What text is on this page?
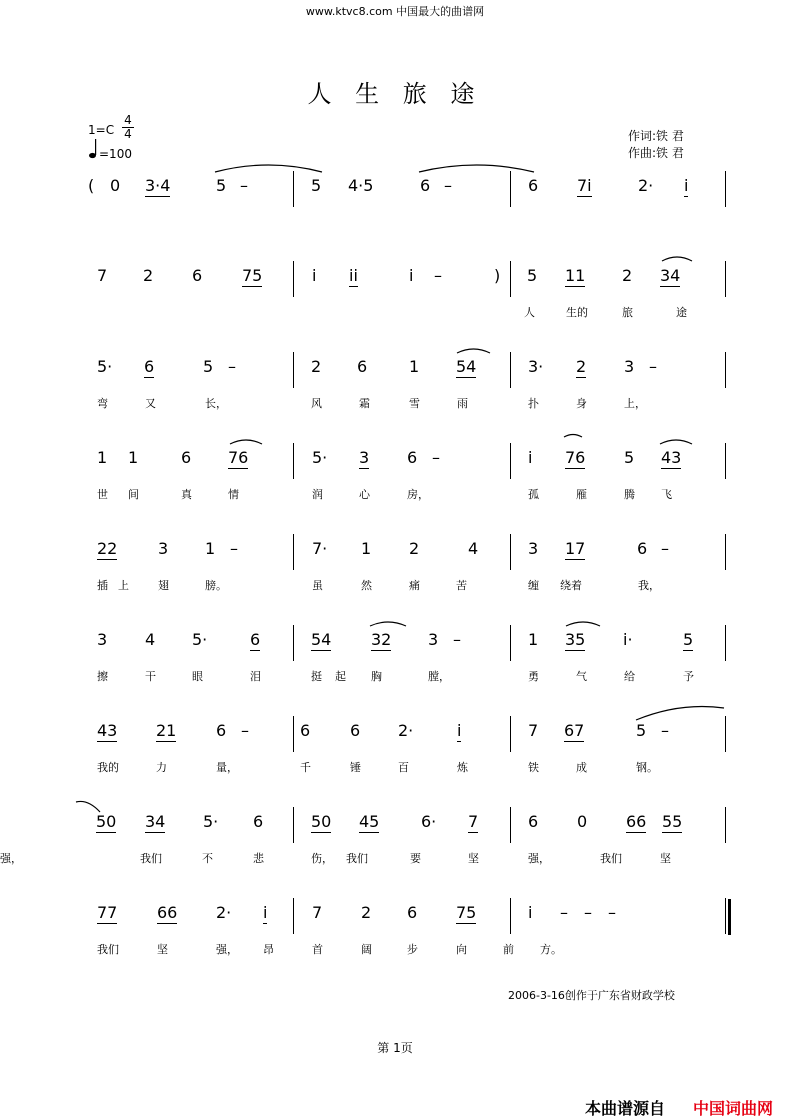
www.ktvc8.com 中国最大的曲谱网
人 生 旅 途
1=C
4
4
=100
作词:铁 君
作曲:铁 君
( 0 3·4	5 –	5 4·5	6 –	6 7i	2· i
7 2 6 75	i ii	i –	) 5 11 2 34
人	生的	旅	途
5· 6	5 –	2 6	1 54	3· 2 3 –
弯	又	长，	风	霜	雪	雨	扑	身	上，
1 1	6 76	5· 3 6 –	i 76 5 43
世 间	真	情	润	心	房，	孤	雁	腾 飞
22	3 1 –	7· 1 2	4	3 17	6 –
插 上	翅	膀。	虽	然	痛	苦	缠 绕着	我，
3 4 5·	6	54 32 3 –	1 35 i·	5
擦	干	眼	泪	挺 起 胸	膛，	勇	气	给	予
43 21 6 –	6 6 2·	i	7 67	5 –
我的	力	量，	千	锤	百	炼	铁	成	钢。
50 34 5· 6	50 45	6· 7	6 0 66 55
我们	不	悲	伤， 我们	要	坚	强，	我们	坚
强，
77 66 2· i	7 2 6 75	i – – –
我们	坚	强， 昂	首	阔	步	向	前 方。
2006-3-16创作于广东省财政学校
第 1页
本曲谱源自 中国词曲网
